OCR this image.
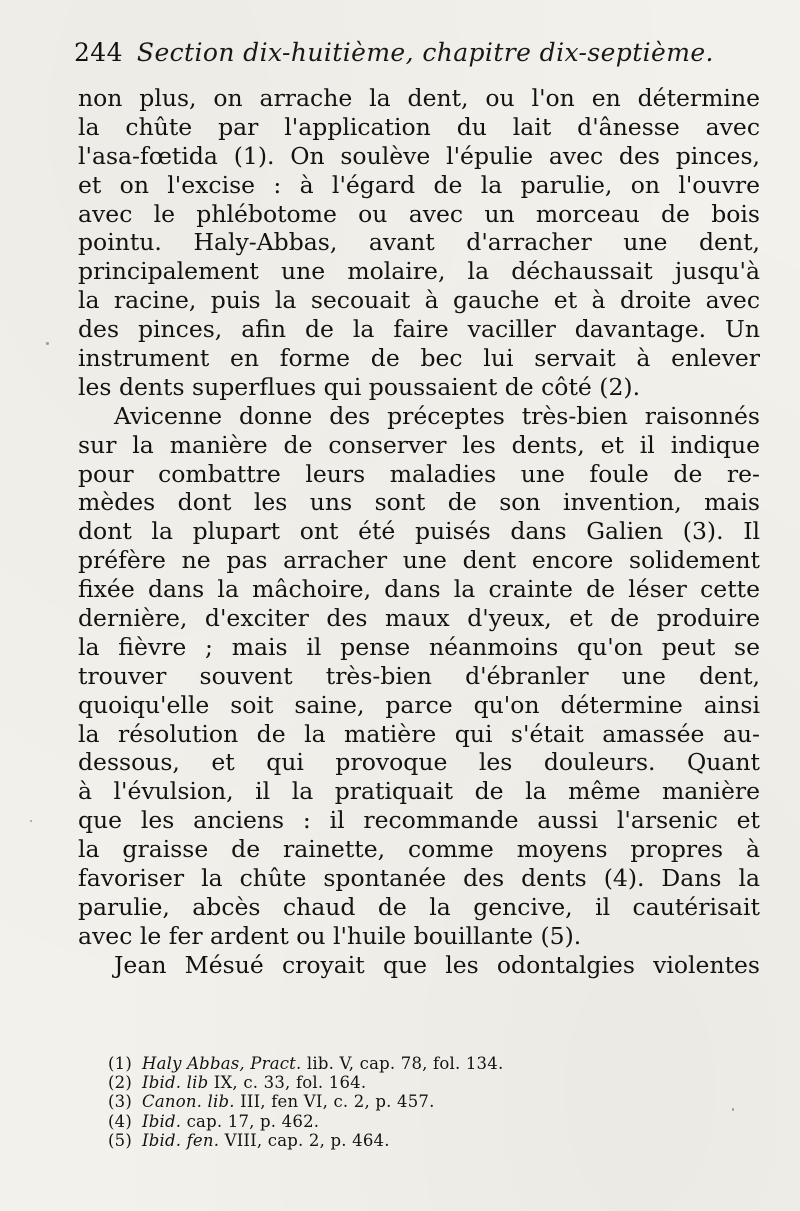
244 Section dix-huitième, chapitre dix-septième.
non plus, on arrache la dent, ou l'on en détermine
la chûte par l'application du lait d'ânesse avec
l'asa-fœtida (1). On soulève l'épulie avec des pinces,
et on l'excise : à l'égard de la parulie, on l'ouvre
avec le phlébotome ou avec un morceau de bois
pointu. Haly-Abbas, avant d'arracher une dent,
principalement une molaire, la déchaussait jusqu'à
la racine, puis la secouait à gauche et à droite avec
des pinces, afin de la faire vaciller davantage. Un
instrument en forme de bec lui servait à enlever
les dents superflues qui poussaient de côté (2).
Avicenne donne des préceptes très-bien raisonnés
sur la manière de conserver les dents, et il indique
pour combattre leurs maladies une foule de re-
mèdes dont les uns sont de son invention, mais
dont la plupart ont été puisés dans Galien (3). Il
préfère ne pas arracher une dent encore solidement
fixée dans la mâchoire, dans la crainte de léser cette
dernière, d'exciter des maux d'yeux, et de produire
la fièvre ; mais il pense néanmoins qu'on peut se
trouver souvent très-bien d'ébranler une dent,
quoiqu'elle soit saine, parce qu'on détermine ainsi
la résolution de la matière qui s'était amassée au-
dessous, et qui provoque les douleurs. Quant
à l'évulsion, il la pratiquait de la même manière
que les anciens : il recommande aussi l'arsenic et
la graisse de rainette, comme moyens propres à
favoriser la chûte spontanée des dents (4). Dans la
parulie, abcès chaud de la gencive, il cautérisait
avec le fer ardent ou l'huile bouillante (5).
Jean Mésué croyait que les odontalgies violentes
(1) Haly Abbas, Pract. lib. V, cap. 78, fol. 134.
(2) Ibid. lib IX, c. 33, fol. 164.
(3) Canon. lib. III, fen VI, c. 2, p. 457.
(4) Ibid. cap. 17, p. 462.
(5) Ibid. fen. VIII, cap. 2, p. 464.
